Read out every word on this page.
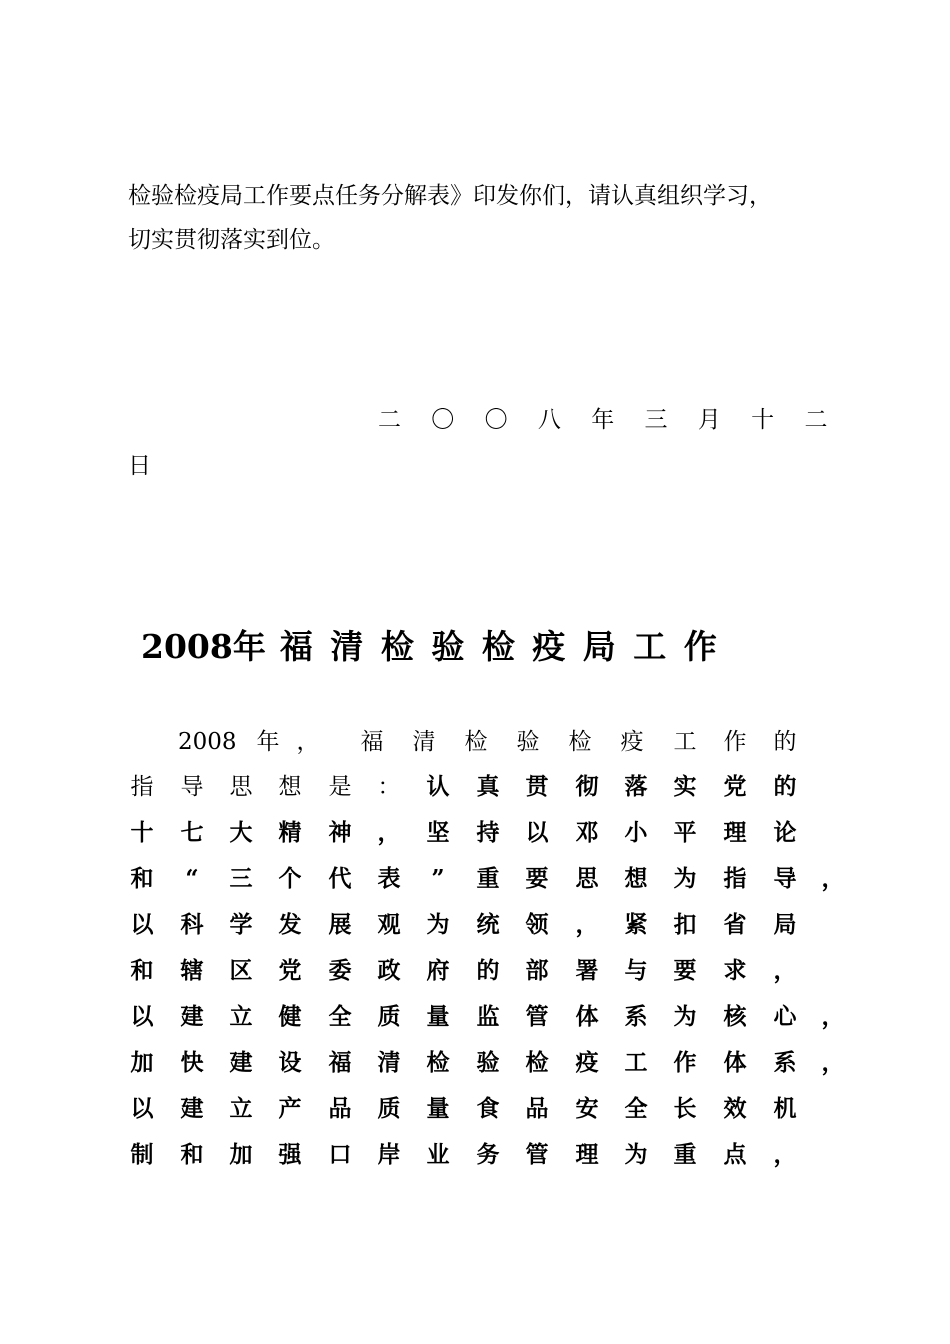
检验检疫局工作要点任务分解表》印发你们，请认真组织学习，
切实贯彻落实到位。
二 〇 〇 八 年 三 月 十 二
日
2008年 福 清 检 验 检 疫 局 工 作
2008 年 ， 福 清 检 验 检 疫 工 作 的
指 导 思 想 是 ： 认 真 贯 彻 落 实 党 的
十 七 大 精 神 ， 坚 持 以 邓 小 平 理 论
和	“	三 个 代 表	”	重 要 思 想 为 指 导 ，
以 科 学 发 展 观 为 统 领 ， 紧 扣 省 局
和 辖 区 党 委 政 府 的 部 署 与 要 求 ，
以 建 立 健 全 质 量 监 管 体 系 为 核 心 ，
加 快 建 设 福 清 检 验 检 疫 工 作 体 系 ，
以 建 立 产 品 质 量 食 品 安 全 长 效 机
制 和 加 强 口 岸 业 务 管 理 为 重 点 ，
